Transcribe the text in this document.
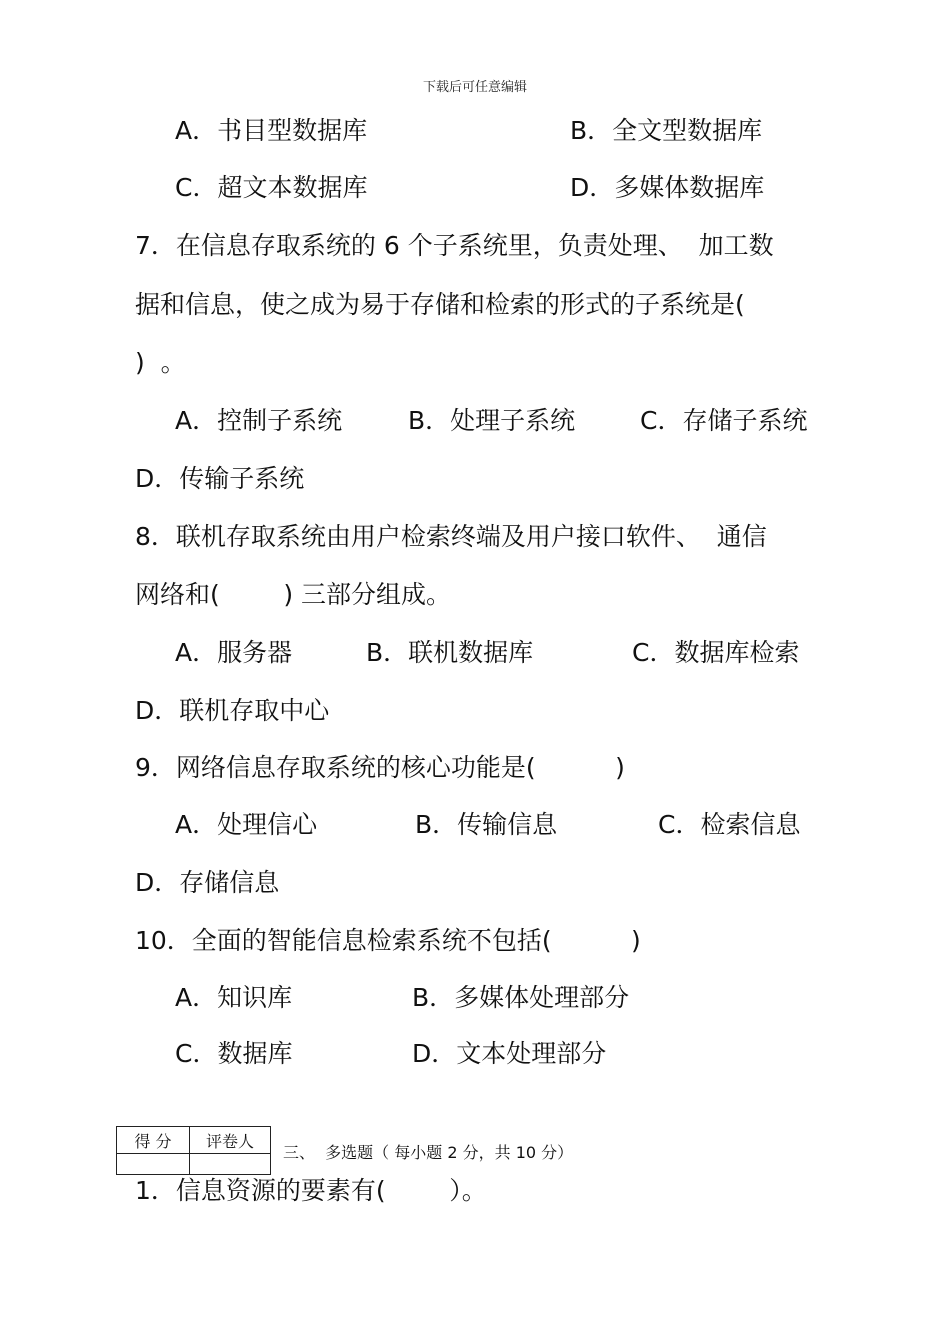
下载后可任意编辑
A．书目型数据库	B．全文型数据库
C．超文本数据库	D．多媒体数据库
7．在信息存取系统的 6 个子系统里，负责处理、  加工数
据和信息，使之成为易于存储和检索的形式的子系统是(
)  。
A．控制子系统	B．处理子系统	C．存储子系统
D．传输子系统
8．联机存取系统由用户检索终端及用户接口软件、  通信
网络和(        ) 三部分组成。
A．服务器	B．联机数据库	C．数据库检索
D．联机存取中心
9．网络信息存取系统的核心功能是(          )
A．处理信心	B．传输信息	C．检索信息
D．存储信息
10．全面的智能信息检索系统不包括(          )
A．知识库	B．多媒体处理部分
C．数据库	D．文本处理部分
得 分	评卷人

三、  多选题（ 每小题 2 分，共 10 分）
1．信息资源的要素有(        ）。
